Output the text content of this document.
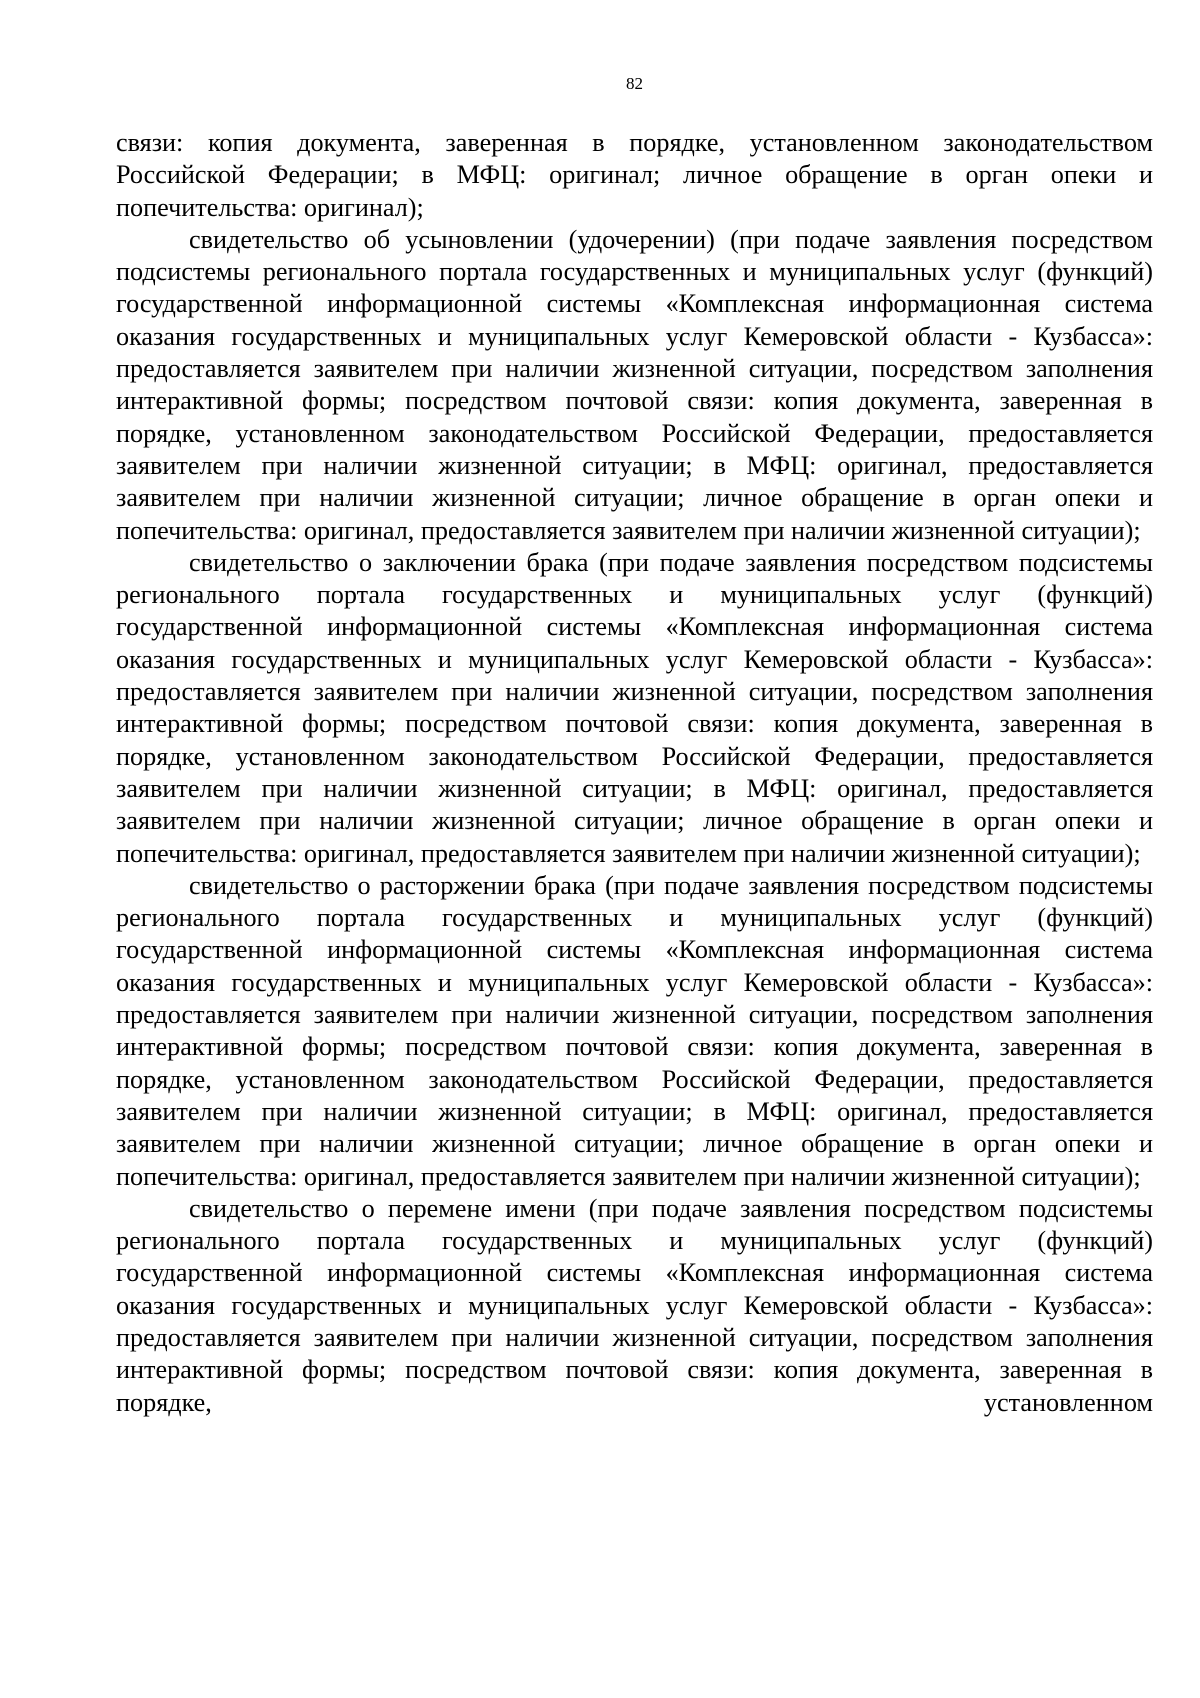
82

связи: копия документа, заверенная в порядке, установленном законодательством Российской Федерации; в МФЦ: оригинал; личное обращение в орган опеки и попечительства: оригинал);

свидетельство об усыновлении (удочерении) (при подаче заявления посредством подсистемы регионального портала государственных и муниципальных услуг (функций) государственной информационной системы «Комплексная информационная система оказания государственных и муниципальных услуг Кемеровской области - Кузбасса»: предоставляется заявителем при наличии жизненной ситуации, посредством заполнения интерактивной формы; посредством почтовой связи: копия документа, заверенная в порядке, установленном законодательством Российской Федерации, предоставляется заявителем при наличии жизненной ситуации; в МФЦ: оригинал, предоставляется заявителем при наличии жизненной ситуации; личное обращение в орган опеки и попечительства: оригинал, предоставляется заявителем при наличии жизненной ситуации);

свидетельство о заключении брака (при подаче заявления посредством подсистемы регионального портала государственных и муниципальных услуг (функций) государственной информационной системы «Комплексная информационная система оказания государственных и муниципальных услуг Кемеровской области - Кузбасса»: предоставляется заявителем при наличии жизненной ситуации, посредством заполнения интерактивной формы; посредством почтовой связи: копия документа, заверенная в порядке, установленном законодательством Российской Федерации, предоставляется заявителем при наличии жизненной ситуации; в МФЦ: оригинал, предоставляется заявителем при наличии жизненной ситуации; личное обращение в орган опеки и попечительства: оригинал, предоставляется заявителем при наличии жизненной ситуации);

свидетельство о расторжении брака (при подаче заявления посредством подсистемы регионального портала государственных и муниципальных услуг (функций) государственной информационной системы «Комплексная информационная система оказания государственных и муниципальных услуг Кемеровской области - Кузбасса»: предоставляется заявителем при наличии жизненной ситуации, посредством заполнения интерактивной формы; посредством почтовой связи: копия документа, заверенная в порядке, установленном законодательством Российской Федерации, предоставляется заявителем при наличии жизненной ситуации; в МФЦ: оригинал, предоставляется заявителем при наличии жизненной ситуации; личное обращение в орган опеки и попечительства: оригинал, предоставляется заявителем при наличии жизненной ситуации);

свидетельство о перемене имени (при подаче заявления посредством подсистемы регионального портала государственных и муниципальных услуг (функций) государственной информационной системы «Комплексная информационная система оказания государственных и муниципальных услуг Кемеровской области - Кузбасса»: предоставляется заявителем при наличии жизненной ситуации, посредством заполнения интерактивной формы; посредством почтовой связи: копия документа, заверенная в порядке, установленном
